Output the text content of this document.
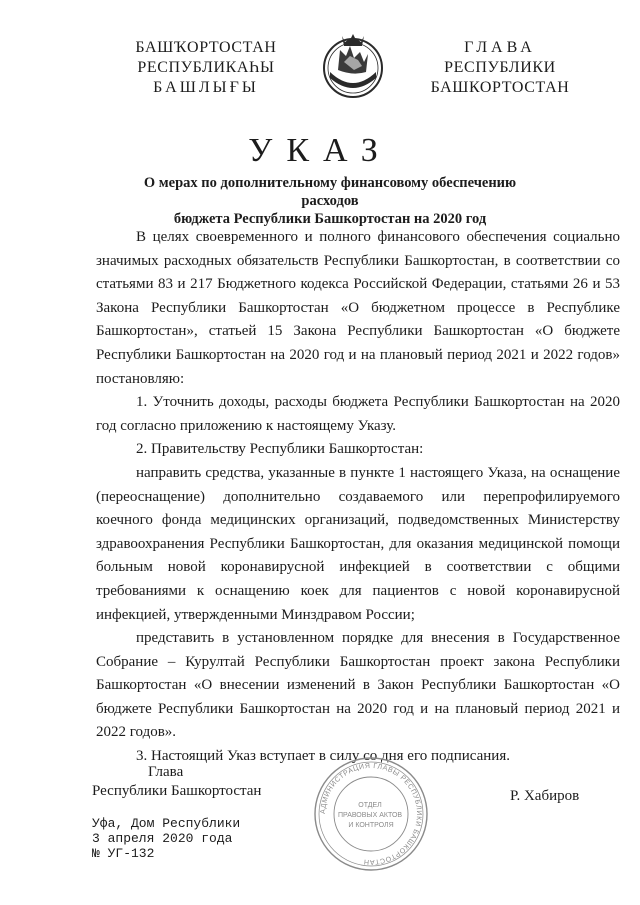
БАШҠОРТОСТАН
РЕСПУБЛИКАҺЫ
БАШЛЫҒЫ
ГЛАВА
РЕСПУБЛИКИ
БАШКОРТОСТАН
УКАЗ
О мерах по дополнительному финансовому обеспечению расходов
бюджета Республики Башкортостан на 2020 год

В целях своевременного и полного финансового обеспечения социально значимых расходных обязательств Республики Башкортостан, в соответствии со статьями 83 и 217 Бюджетного кодекса Российской Федерации, статьями 26 и 53 Закона Республики Башкортостан «О бюджетном процессе в Республике Башкортостан», статьей 15 Закона Республики Башкортостан «О бюджете Республики Башкортостан на 2020 год и на плановый период 2021 и 2022 годов» постановляю:

1. Уточнить доходы, расходы бюджета Республики Башкортостан на 2020 год согласно приложению к настоящему Указу.

2. Правительству Республики Башкортостан:

направить средства, указанные в пункте 1 настоящего Указа, на оснащение (переоснащение) дополнительно создаваемого или перепрофилируемого коечного фонда медицинских организаций, подведомственных Министерству здравоохранения Республики Башкортостан, для оказания медицинской помощи больным новой коронавирусной инфекцией в соответствии с общими требованиями к оснащению коек для пациентов с новой коронавирусной инфекцией, утвержденными Минздравом России;

представить в установленном порядке для внесения в Государственное Собрание – Курултай Республики Башкортостан проект закона Республики Башкортостан «О внесении изменений в Закон Республики Башкортостан «О бюджете Республики Башкортостан на 2020 год и на плановый период 2021 и 2022 годов».

3. Настоящий Указ вступает в силу со дня его подписания.

Глава
Республики Башкортостан
АДМИНИСТРАЦИЯ ГЛАВЫ РЕСПУБЛИКИ БАШКОРТОСТАН
ОТДЕЛ ПРАВОВЫХ АКТОВ И КОНТРОЛЯ
Р. Хабиров
Уфа, Дом Республики
3 апреля 2020 года
№ УГ-132
